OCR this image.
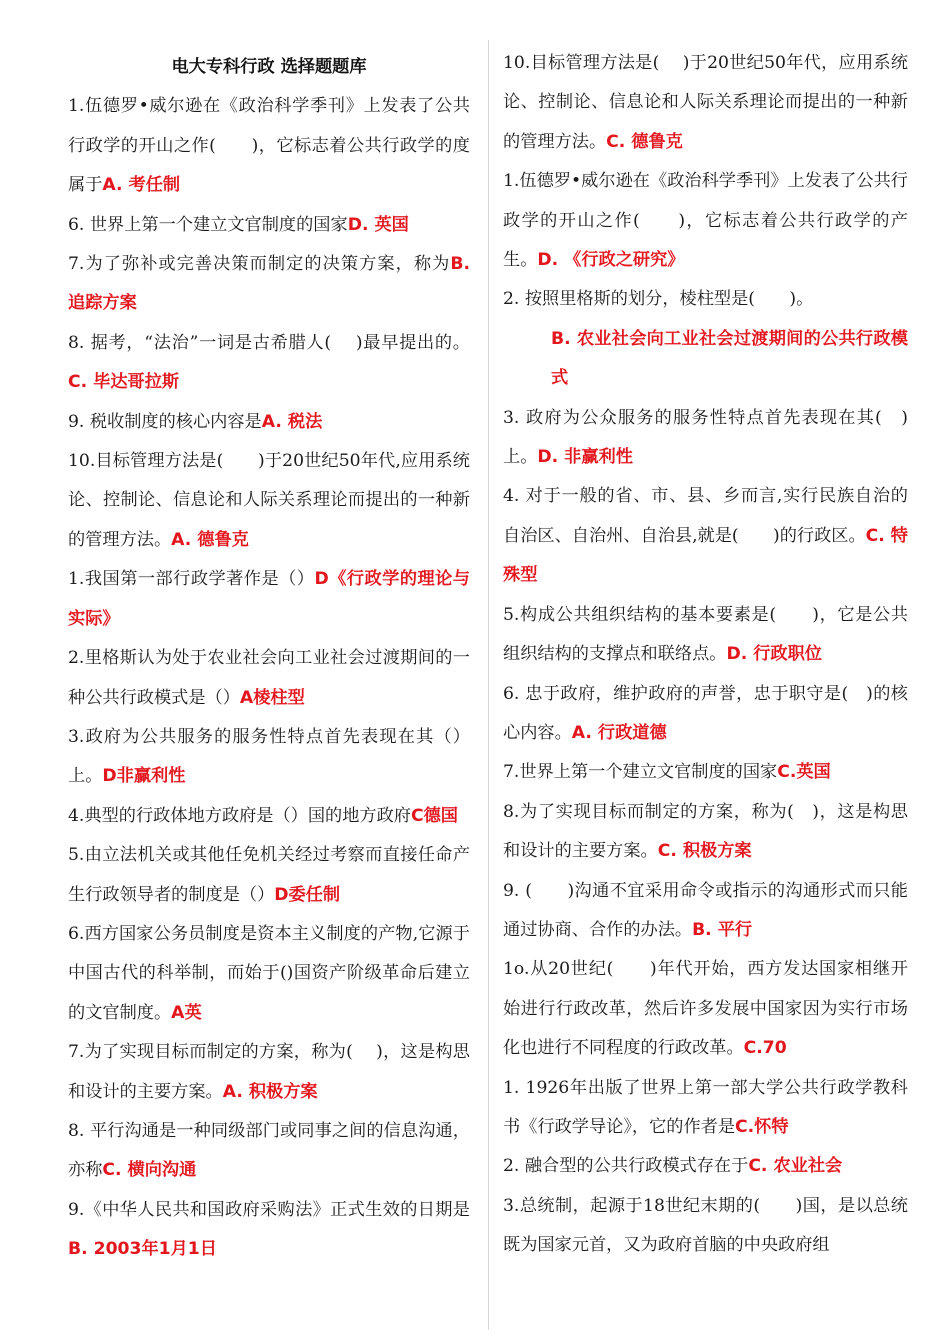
电大专科行政 选择题题库

1.伍德罗•威尔逊在《政治科学季刊》上发表了公共行政学的开山之作(　　)，它标志着公共行政学的度属于A. 考任制

6. 世界上第一个建立文官制度的国家D. 英国

7.为了弥补或完善决策而制定的决策方案，称为B. 追踪方案

8. 据考，“法治”一词是古希腊人(　 )最早提出的。C. 毕达哥拉斯

9. 税收制度的核心内容是A. 税法

10.目标管理方法是(　　)于20世纪50年代,应用系统论、控制论、信息论和人际关系理论而提出的一种新的管理方法。A. 德鲁克

1.我国第一部行政学著作是（）D《行政学的理论与实际》

2.里格斯认为处于农业社会向工业社会过渡期间的一种公共行政模式是（）A棱柱型

3.政府为公共服务的服务性特点首先表现在其（）上。D非赢利性

4.典型的行政体地方政府是（）国的地方政府C德国

5.由立法机关或其他任免机关经过考察而直接任命产生行政领导者的制度是（）D委任制

6.西方国家公务员制度是资本主义制度的产物,它源于中国古代的科举制，而始于()国资产阶级革命后建立的文官制度。A英

7.为了实现目标而制定的方案，称为(　 )，这是构思和设计的主要方案。A. 积极方案

8. 平行沟通是一种同级部门或同事之间的信息沟通，亦称C. 横向沟通

9.《中华人民共和国政府采购法》正式生效的日期是B. 2003年1月1日

10.目标管理方法是(　 )于20世纪50年代，应用系统论、控制论、信息论和人际关系理论而提出的一种新的管理方法。C. 德鲁克

1.伍德罗•威尔逊在《政治科学季刊》上发表了公共行政学的开山之作(　　)，它标志着公共行政学的产生。D. 《行政之研究》

2. 按照里格斯的划分，棱柱型是(　　)。

B. 农业社会向工业社会过渡期间的公共行政模式

3. 政府为公众服务的服务性特点首先表现在其(　)上。D. 非赢利性

4. 对于一般的省、市、县、乡而言,实行民族自治的自治区、自治州、自治县,就是(　　)的行政区。C. 特殊型

5.构成公共组织结构的基本要素是(　　)，它是公共组织结构的支撑点和联络点。D. 行政职位

6. 忠于政府，维护政府的声誉，忠于职守是(　)的核心内容。A. 行政道德

7.世界上第一个建立文官制度的国家C.英国

8.为了实现目标而制定的方案，称为(　)，这是构思和设计的主要方案。C. 积极方案

9. (　　)沟通不宜采用命令或指示的沟通形式而只能通过协商、合作的办法。B. 平行

1o.从20世纪(　　)年代开始，西方发达国家相继开始进行行政改革，然后许多发展中国家因为实行市场化也进行不同程度的行政改革。C.70

1. 1926年出版了世界上第一部大学公共行政学教科书《行政学导论》，它的作者是C.怀特

2. 融合型的公共行政模式存在于C. 农业社会

3.总统制，起源于18世纪末期的(　　)国，是以总统既为国家元首，又为政府首脑的中央政府组
